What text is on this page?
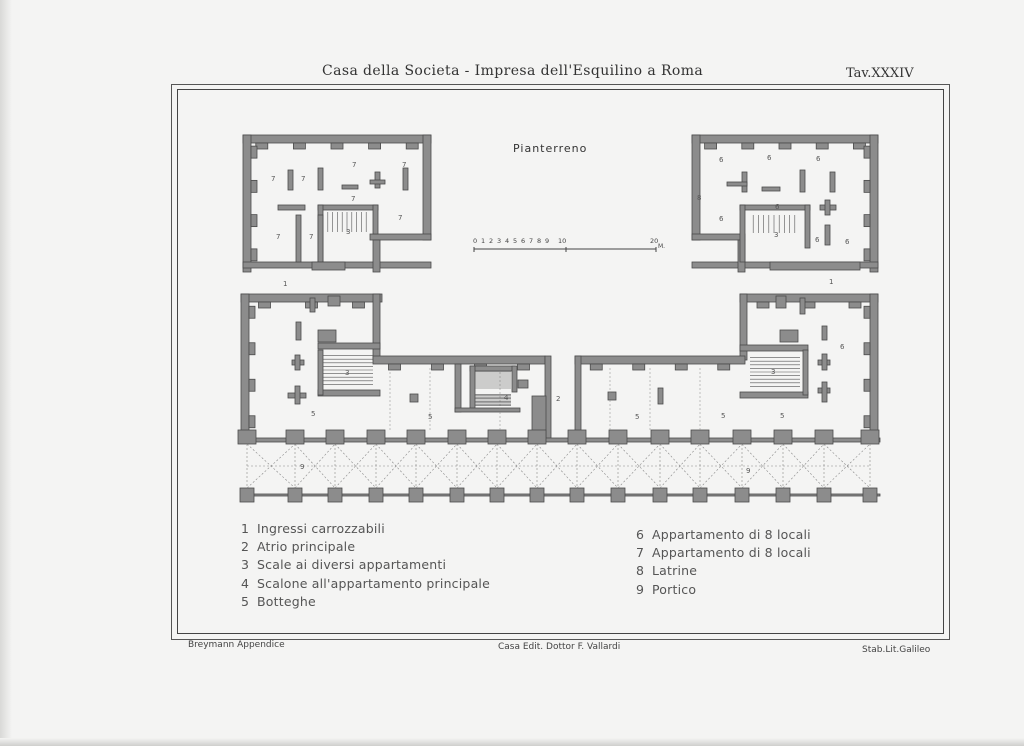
Casa della Societa - Impresa dell'Esquilino a Roma	Tav.XXXIV
0 1 2 3 4 5 6 7 8 9 10	20
M.
Pianterreno
7	7
7	7
7
7
7	7
3
6	6	6
8
6
6
3
6	6
1	1
6
3	3
4	2
5	5	5	5	5
9	9
1 Ingressi carrozzabili
2 Atrio principale
3 Scale ai diversi appartamenti
4 Scalone all'appartamento principale
5 Botteghe
6 Appartamento di 8 locali
7 Appartamento di 8 locali
8 Latrine
9 Portico
Breymann Appendice	Casa Edit. Dottor F. Vallardi	Stab.Lit.Galileo
